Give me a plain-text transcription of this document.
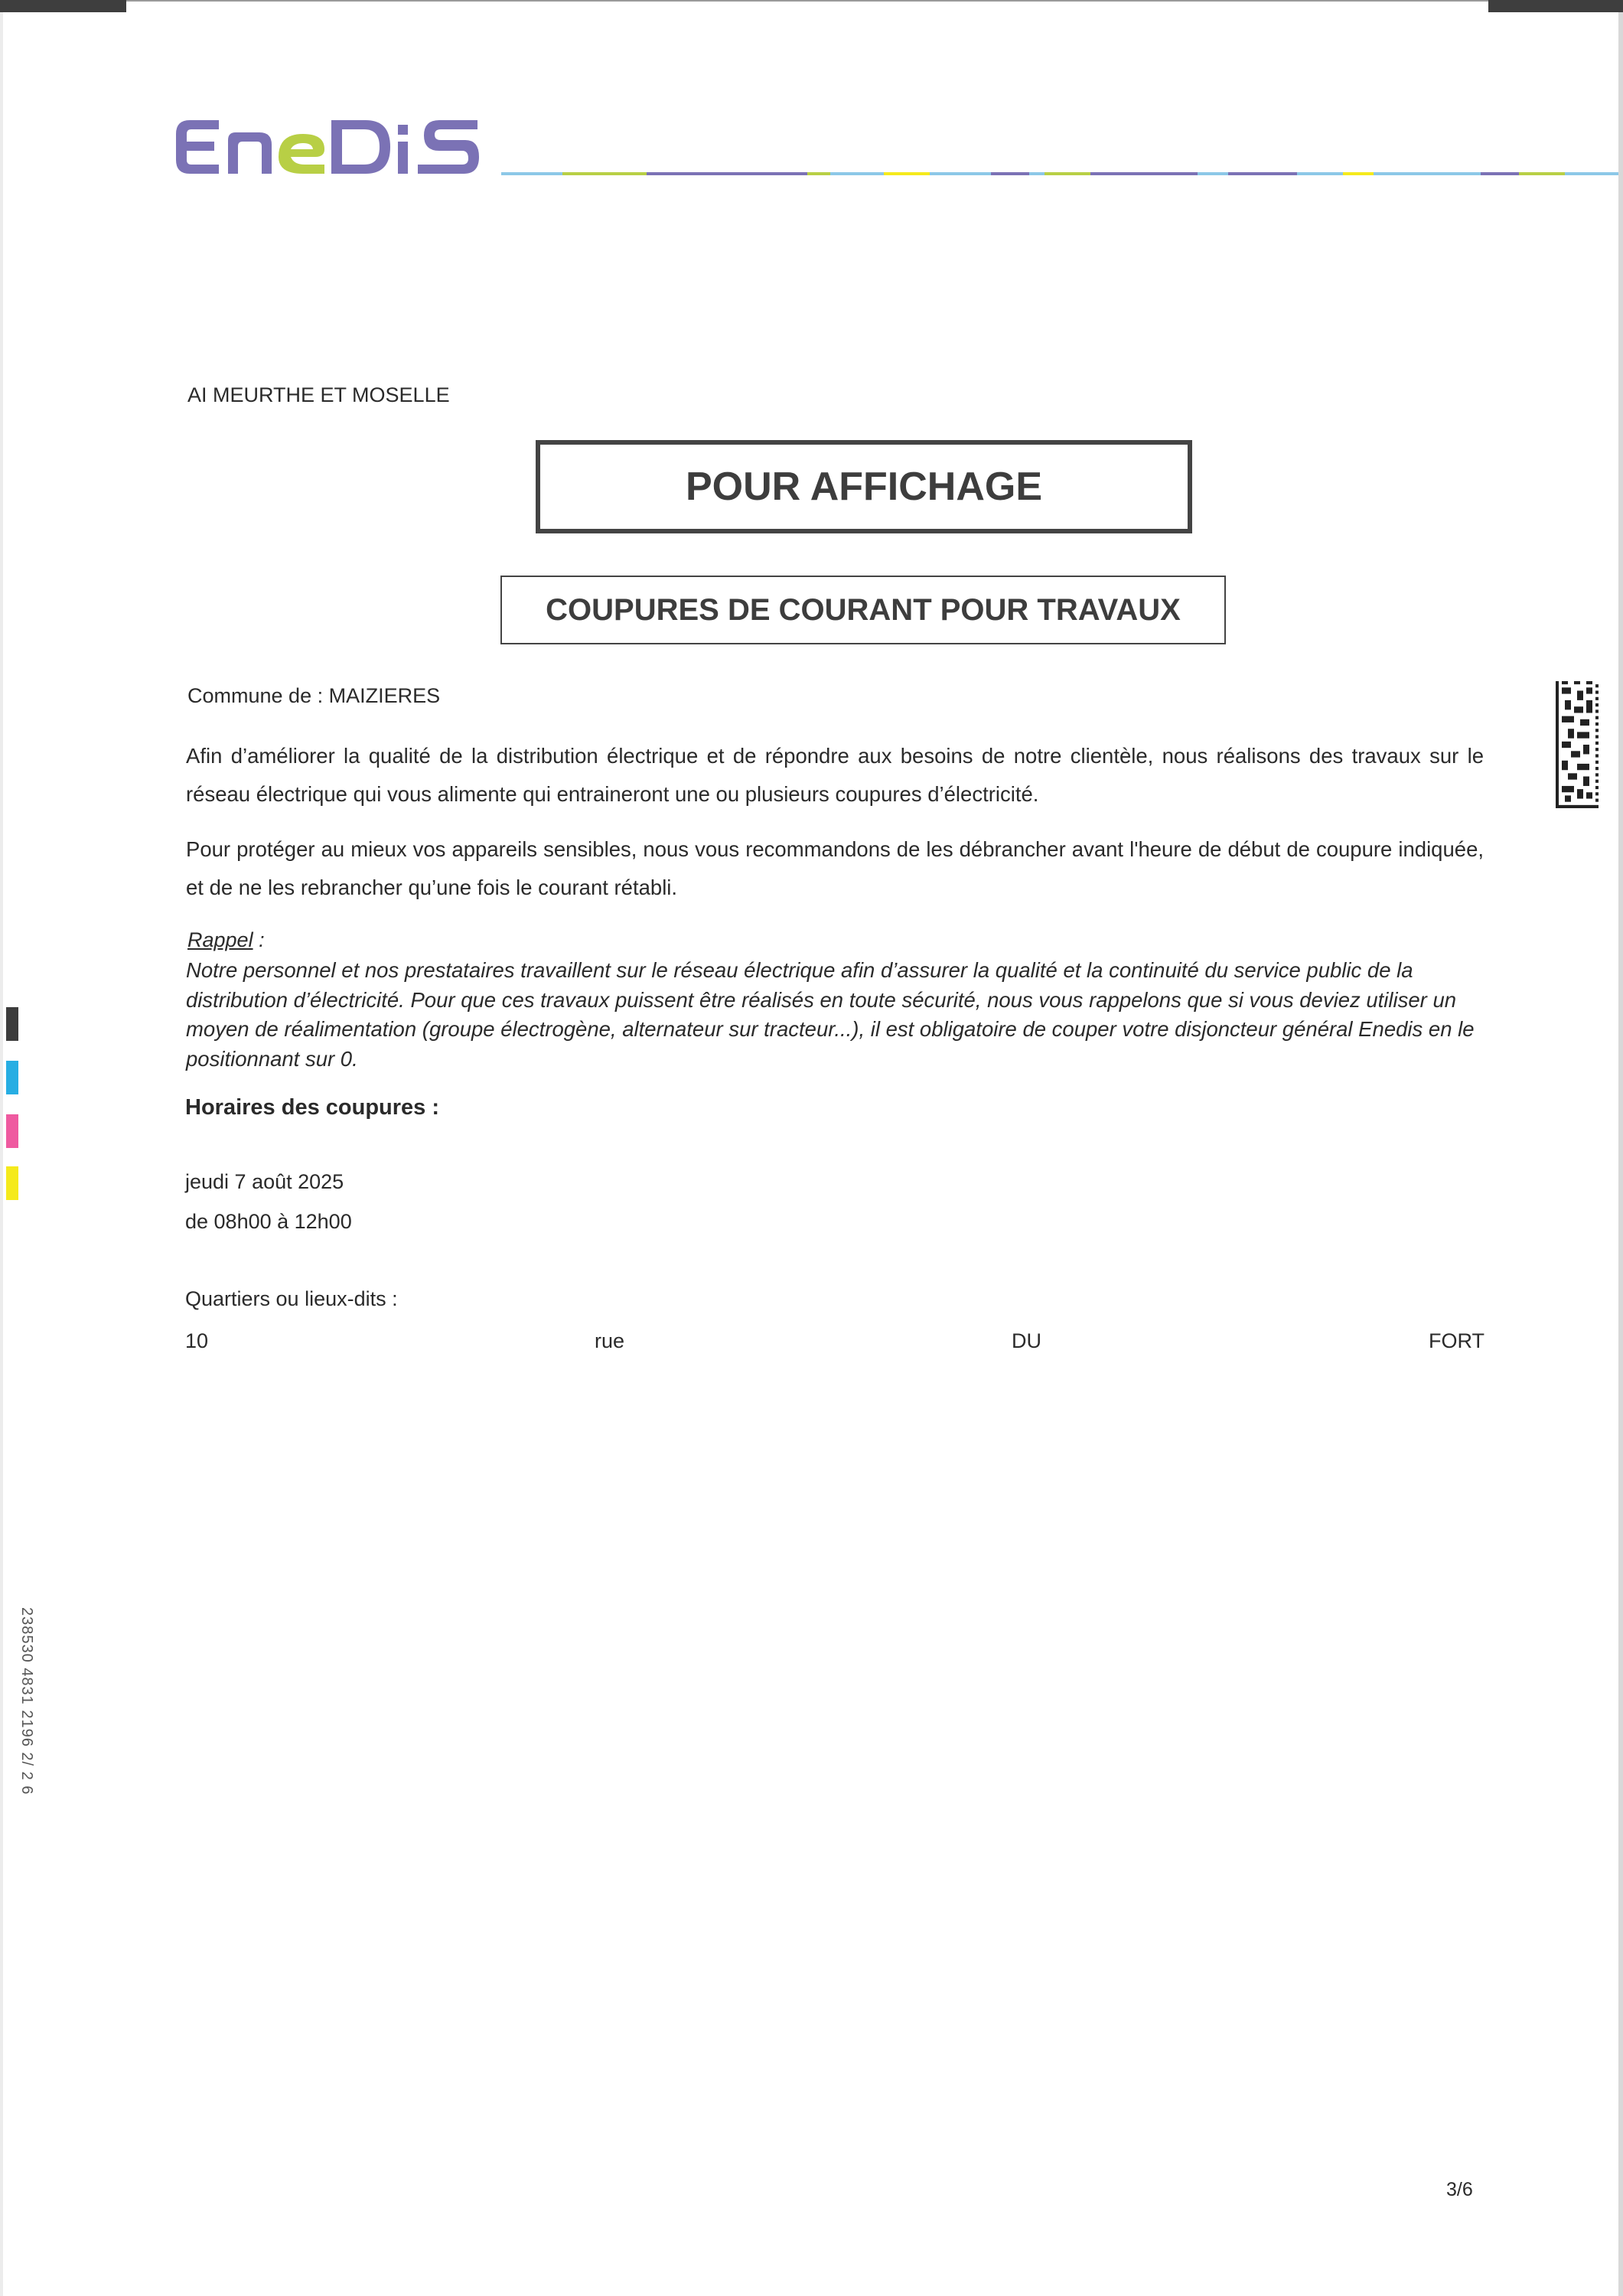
AI MEURTHE ET MOSELLE
POUR AFFICHAGE
COUPURES DE COURANT POUR TRAVAUX
Commune de : MAIZIERES
Afin d’améliorer la qualité de la distribution électrique et de répondre aux besoins de notre clientèle, nous réalisons des travaux sur le réseau électrique qui vous alimente qui entraineront une ou plusieurs coupures d’électricité.
Pour protéger au mieux vos appareils sensibles, nous vous recommandons de les débrancher avant l'heure de début de coupure indiquée, et de ne les rebrancher qu’une fois le courant rétabli.
Rappel :
Notre personnel et nos prestataires travaillent sur le réseau électrique afin d’assurer la qualité et la continuité du service public de la distribution d’électricité. Pour que ces travaux puissent être réalisés en toute sécurité, nous vous rappelons que si vous deviez utiliser un moyen de réalimentation (groupe électrogène, alternateur sur tracteur...), il est obligatoire de couper votre disjoncteur général Enedis en le positionnant sur 0.
Horaires des coupures :
jeudi 7 août 2025
de 08h00 à 12h00
Quartiers ou lieux-dits :
10	rue	DU	FORT
3/6
238530 4831 2196 2/ 2 6
